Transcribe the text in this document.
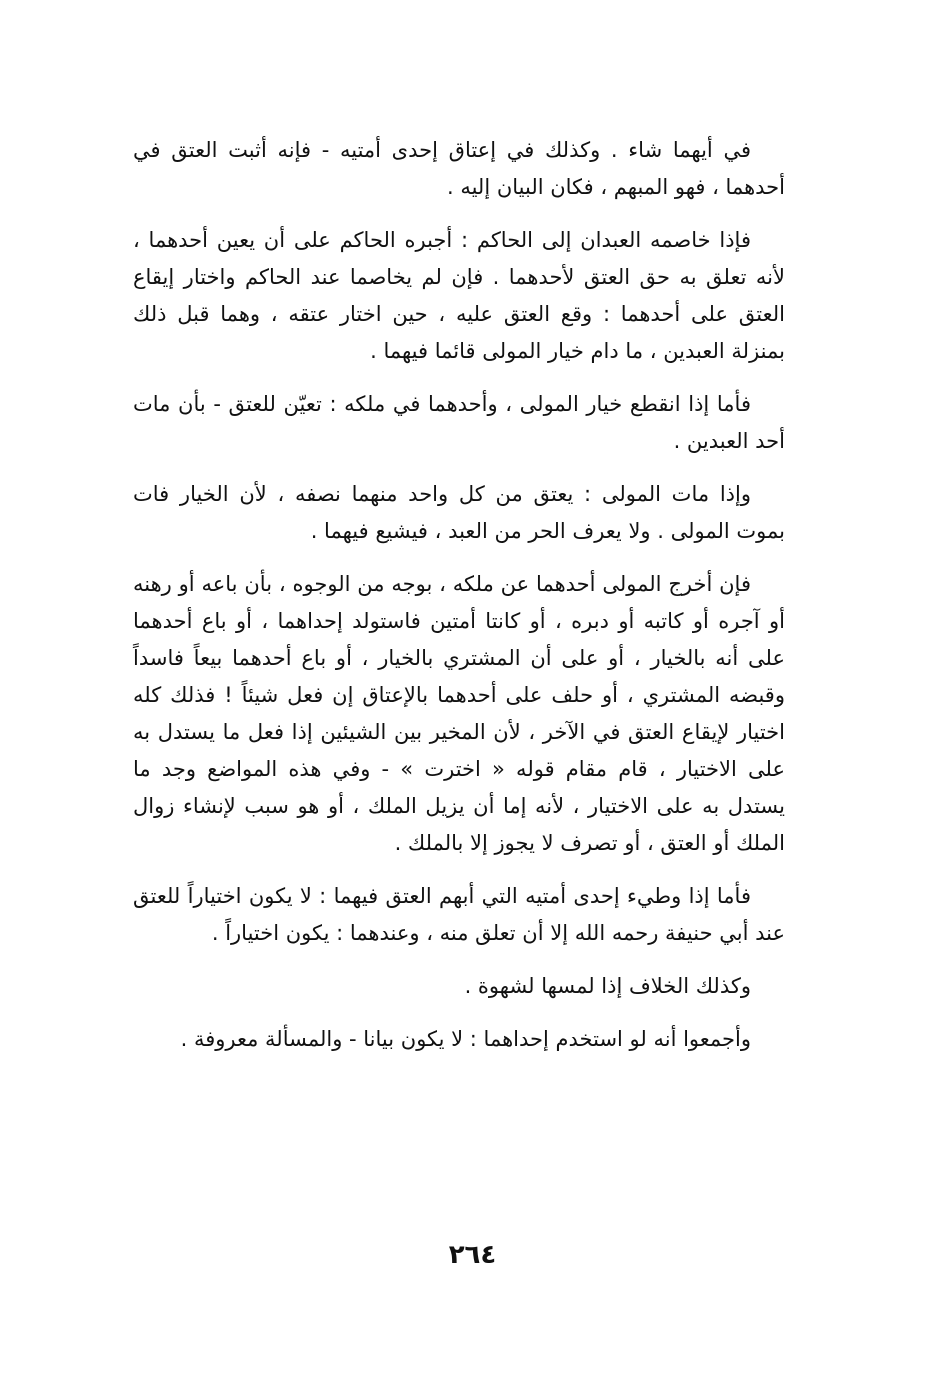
في أيهما شاء . وكذلك في إعتاق إحدى أمتيه - فإنه أثبت العتق في أحدهما ، فهو المبهم ، فكان البيان إليه .

فإذا خاصمه العبدان إلى الحاكم : أجبره الحاكم على أن يعين أحدهما ، لأنه تعلق به حق العتق لأحدهما . فإن لم يخاصما عند الحاكم واختار إيقاع العتق على أحدهما : وقع العتق عليه ، حين اختار عتقه ، وهما قبل ذلك بمنزلة العبدين ، ما دام خيار المولى قائما فيهما .

فأما إذا انقطع خيار المولى ، وأحدهما في ملكه : تعيّن للعتق - بأن مات أحد العبدين .

وإذا مات المولى : يعتق من كل واحد منهما نصفه ، لأن الخيار فات بموت المولى . ولا يعرف الحر من العبد ، فيشيع فيهما .

فإن أخرج المولى أحدهما عن ملكه ، بوجه من الوجوه ، بأن باعه أو رهنه أو آجره أو كاتبه أو دبره ، أو كانتا أمتين فاستولد إحداهما ، أو باع أحدهما على أنه بالخيار ، أو على أن المشتري بالخيار ، أو باع أحدهما بيعاً فاسداً وقبضه المشتري ، أو حلف على أحدهما بالإعتاق إن فعل شيئاً ! فذلك كله اختيار لإيقاع العتق في الآخر ، لأن المخير بين الشيئين إذا فعل ما يستدل به على الاختيار ، قام مقام قوله « اخترت » - وفي هذه المواضع وجد ما يستدل به على الاختيار ، لأنه إما أن يزيل الملك ، أو هو سبب لإنشاء زوال الملك أو العتق ، أو تصرف لا يجوز إلا بالملك .

فأما إذا وطيء إحدى أمتيه التي أبهم العتق فيهما : لا يكون اختياراً للعتق عند أبي حنيفة رحمه الله إلا أن تعلق منه ، وعندهما : يكون اختياراً .

وكذلك الخلاف إذا لمسها لشهوة .

وأجمعوا أنه لو استخدم إحداهما : لا يكون بيانا - والمسألة معروفة .

٢٦٤
